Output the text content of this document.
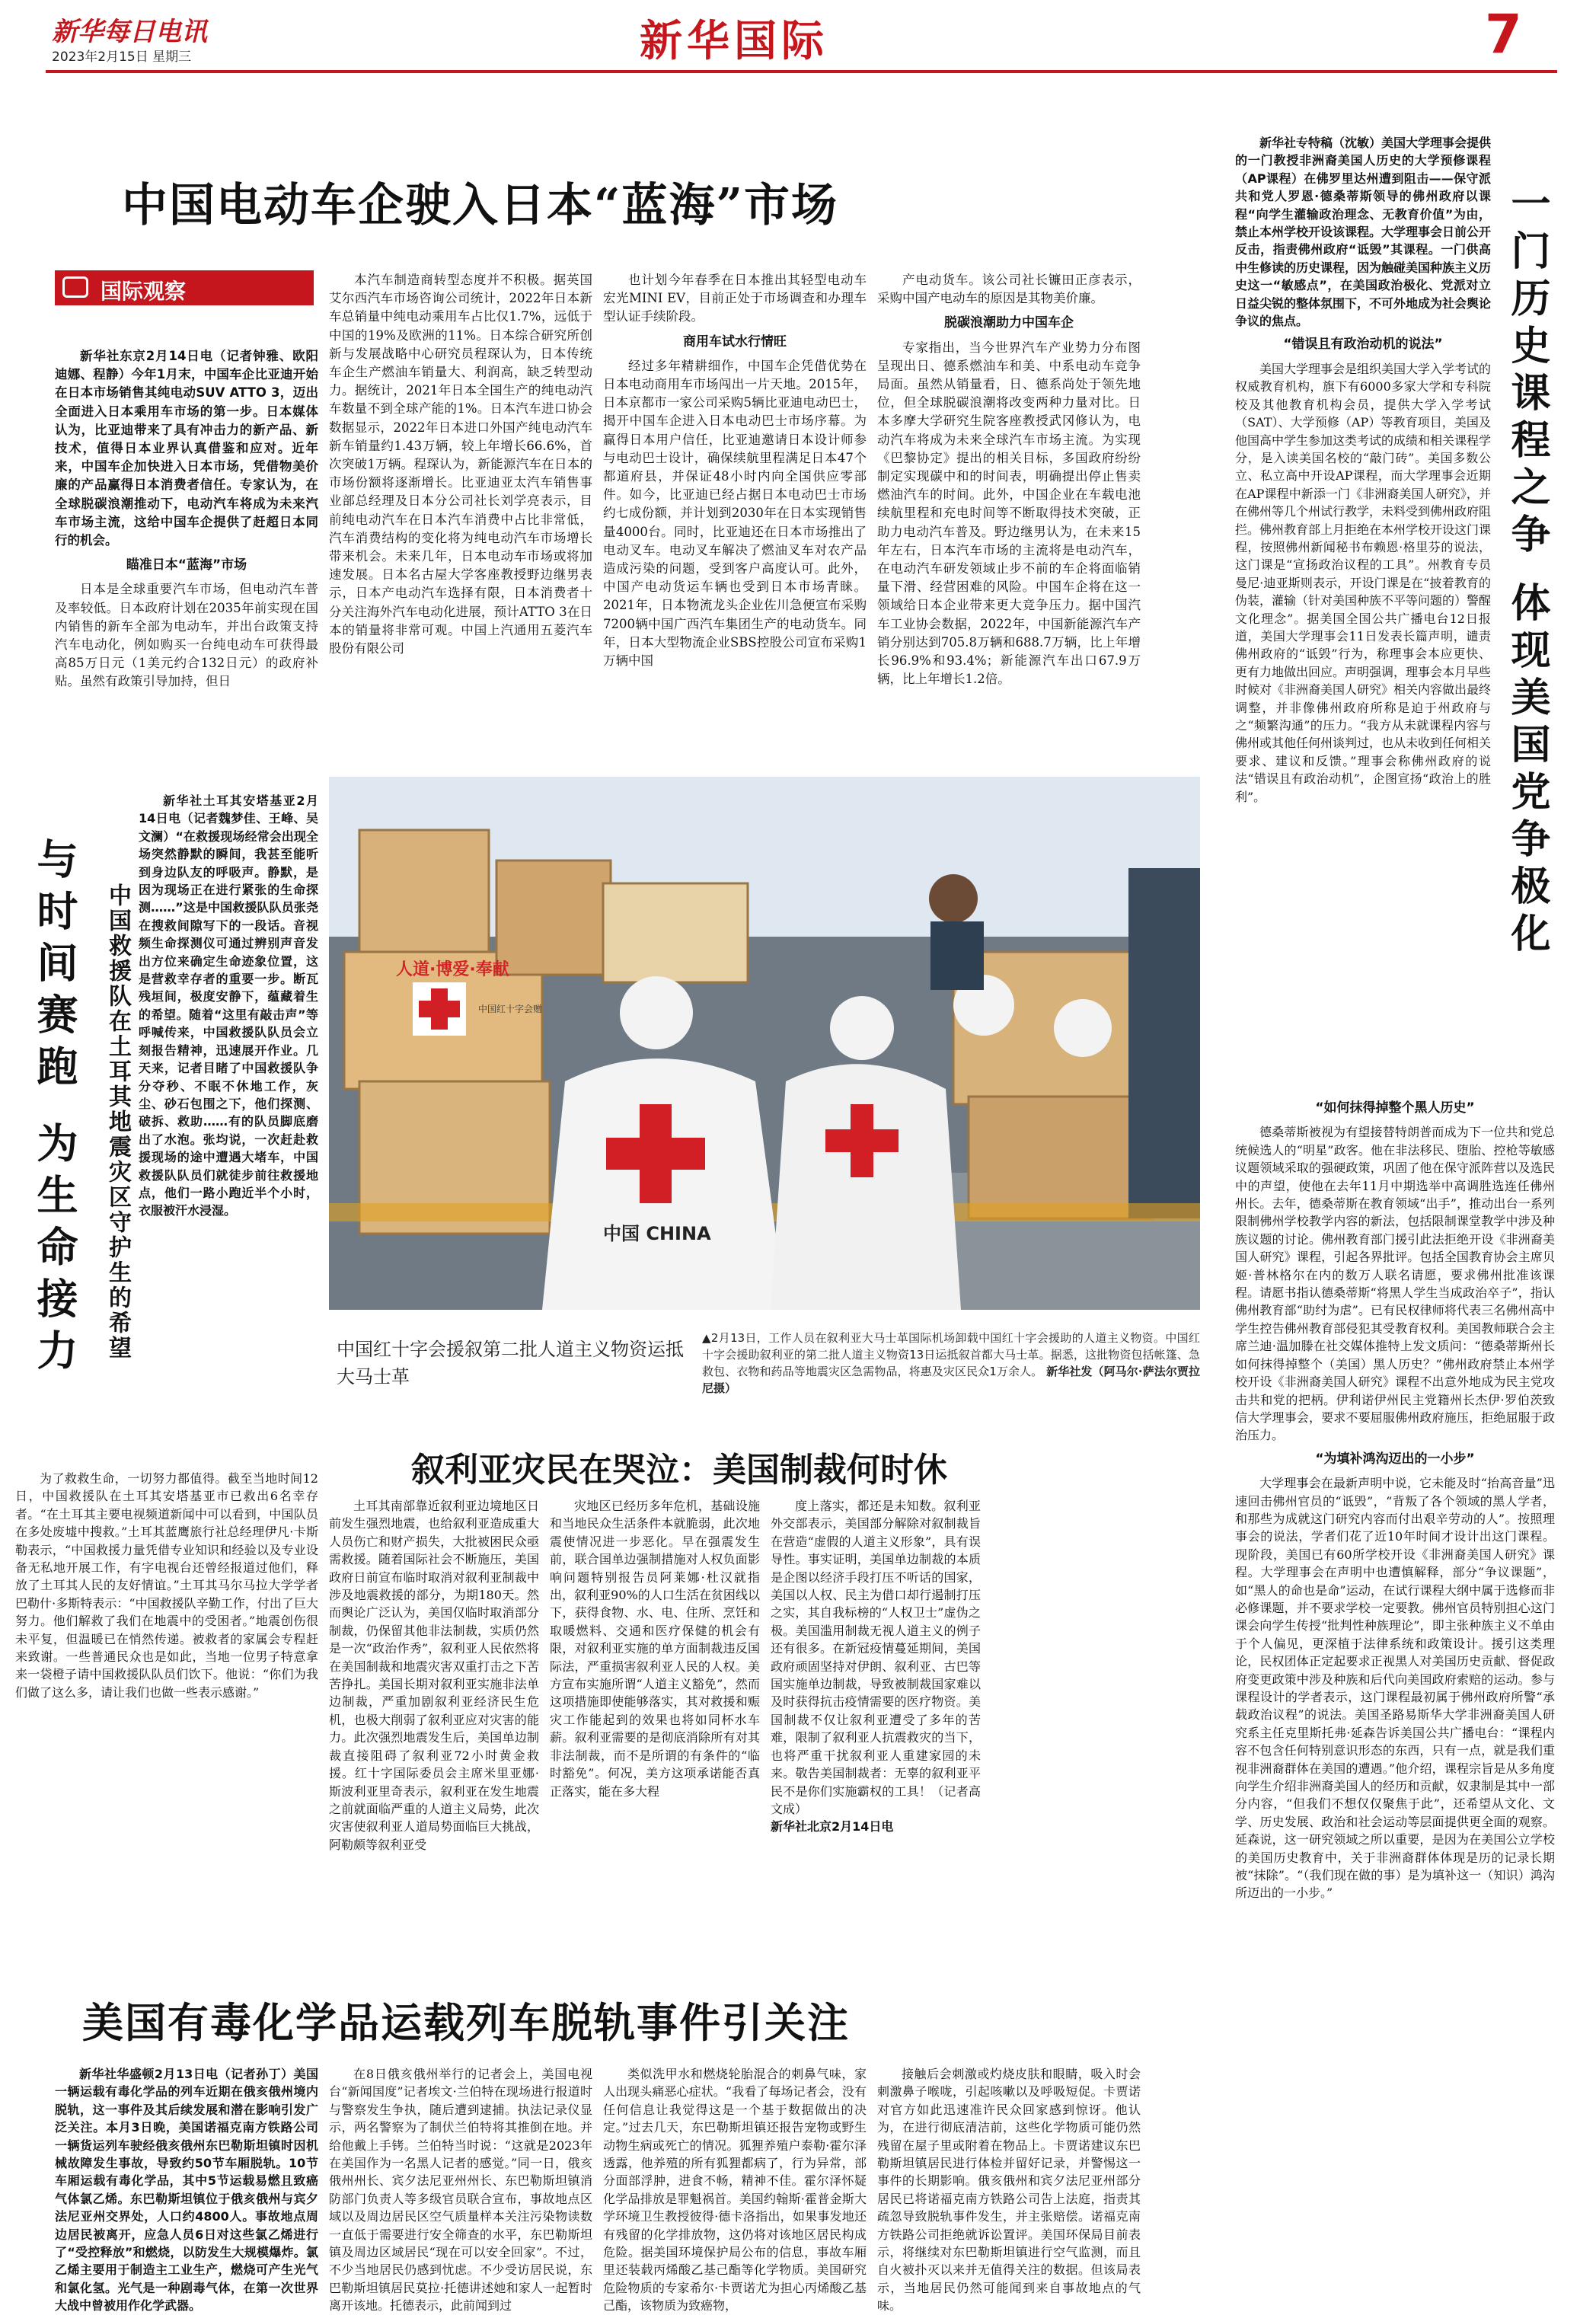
新华每日电讯
2023年2月15日 星期三	新华国际	7
中国电动车企驶入日本“蓝海”市场
国际观察

新华社东京2月14日电（记者钟雅、欧阳迪娜、程静）今年1月末，中国车企比亚迪开始在日本市场销售其纯电动SUV ATTO 3，迈出全面进入日本乘用车市场的第一步。日本媒体认为，比亚迪带来了具有冲击力的新产品、新技术，值得日本业界认真借鉴和应对。近年来，中国车企加快进入日本市场，凭借物美价廉的产品赢得日本消费者信任。专家认为，在全球脱碳浪潮推动下，电动汽车将成为未来汽车市场主流，这给中国车企提供了赶超日本同行的机会。

瞄准日本“蓝海”市场

日本是全球重要汽车市场，但电动汽车普及率较低。日本政府计划在2035年前实现在国内销售的新车全部为电动车，并出台政策支持汽车电动化，例如购买一台纯电动车可获得最高85万日元（1美元约合132日元）的政府补贴。虽然有政策引导加持，但日

本汽车制造商转型态度并不积极。据英国艾尔西汽车市场咨询公司统计，2022年日本新车总销量中纯电动乘用车占比仅1.7%，远低于中国的19%及欧洲的11%。日本综合研究所创新与发展战略中心研究员程琛认为，日本传统车企生产燃油车销量大、利润高，缺乏转型动力。据统计，2021年日本全国生产的纯电动汽车数量不到全球产能的1%。日本汽车进口协会数据显示，2022年日本进口外国产纯电动汽车新车销量约1.43万辆，较上年增长66.6%，首次突破1万辆。程琛认为，新能源汽车在日本的市场份额将逐渐增长。比亚迪亚太汽车销售事业部总经理及日本分公司社长刘学亮表示，目前纯电动汽车在日本汽车消费中占比非常低，汽车消费结构的变化将为纯电动汽车市场增长带来机会。未来几年，日本电动车市场或将加速发展。日本名古屋大学客座教授野边继男表示，日本产电动汽车选择有限，日本消费者十分关注海外汽车电动化进展，预计ATTO 3在日本的销量将非常可观。中国上汽通用五菱汽车股份有限公司

也计划今年春季在日本推出其轻型电动车宏光MINI EV，目前正处于市场调查和办理车型认证手续阶段。

商用车试水行情旺

经过多年精耕细作，中国车企凭借优势在日本电动商用车市场闯出一片天地。2015年，日本京都市一家公司采购5辆比亚迪电动巴士，揭开中国车企进入日本电动巴士市场序幕。为赢得日本用户信任，比亚迪邀请日本设计师参与电动巴士设计，确保续航里程满足日本47个都道府县，并保证48小时内向全国供应零部件。如今，比亚迪已经占据日本电动巴士市场约七成份额，并计划到2030年在日本实现销售量4000台。同时，比亚迪还在日本市场推出了电动叉车。电动叉车解决了燃油叉车对农产品造成污染的问题，受到客户高度认可。此外，中国产电动货运车辆也受到日本市场青睐。2021年，日本物流龙头企业佐川急便宣布采购7200辆中国广西汽车集团生产的电动货车。同年，日本大型物流企业SBS控股公司宣布采购1万辆中国

产电动货车。该公司社长镰田正彦表示，采购中国产电动车的原因是其物美价廉。

脱碳浪潮助力中国车企

专家指出，当今世界汽车产业势力分布图呈现出日、德系燃油车和美、中系电动车竞争局面。虽然从销量看，日、德系尚处于领先地位，但全球脱碳浪潮将改变两种力量对比。日本多摩大学研究生院客座教授武冈修认为，电动汽车将成为未来全球汽车市场主流。为实现《巴黎协定》提出的相关目标，多国政府纷纷制定实现碳中和的时间表，明确提出停止售卖燃油汽车的时间。此外，中国企业在车载电池续航里程和充电时间等不断取得技术突破，正助力电动汽车普及。野边继男认为，在未来15年左右，日本汽车市场的主流将是电动汽车，在电动汽车研发领域止步不前的车企将面临销量下滑、经营困难的风险。中国车企将在这一领域给日本企业带来更大竞争压力。据中国汽车工业协会数据，2022年，中国新能源汽车产销分别达到705.8万辆和688.7万辆，比上年增长96.9%和93.4%；新能源汽车出口67.9万辆，比上年增长1.2倍。

与时间赛跑 为生命接力 中国救援队在土耳其地震灾区守护生的希望

新华社土耳其安塔基亚2月14日电（记者魏梦佳、王峰、吴文澜）“在救援现场经常会出现全场突然静默的瞬间，我甚至能听到身边队友的呼吸声。静默，是因为现场正在进行紧张的生命探测……”这是中国救援队队员张尧在搜救间隙写下的一段话。音视频生命探测仪可通过辨别声音发出方位来确定生命迹象位置，这是营救幸存者的重要一步。断瓦残垣间，极度安静下，蕴藏着生的希望。随着“这里有敲击声”等呼喊传来，中国救援队队员会立刻报告精神，迅速展开作业。几天来，记者目睹了中国救援队争分夺秒、不眠不休地工作，灰尘、砂石包围之下，他们探测、破拆、救助……有的队员脚底磨出了水泡。张均说，一次赶赴救援现场的途中遭遇大堵车，中国救援队队员们就徒步前往救援地点，他们一路小跑近半个小时，衣服被汗水浸湿。

为了救救生命，一切努力都值得。截至当地时间12日，中国救援队在土耳其安塔基亚市已救出6名幸存者。“在土耳其主要电视频道新闻中可以看到，中国队员在多处废墟中搜救。”土耳其蓝鹰旅行社总经理伊凡·卡斯勒表示，“中国救援力量凭借专业知识和经验以及专业设备无私地开展工作，有字电视台还曾经报道过他们，释放了土耳其人民的友好情谊。”土耳其马尔马拉大学学者巴勒什·多斯特表示：“中国救援队辛勤工作，付出了巨大努力。他们解救了我们在地震中的受困者。”地震创伤很未平复，但温暖已在悄然传递。被救者的家属会专程赶来致谢。一些普通民众也是如此，当地一位男子特意拿来一袋橙子请中国救援队队员们饮下。他说：“你们为我们做了这么多，请让我们也做一些表示感谢。”

人道·博爱·奉献
中国红十字会赠
中国 CHINA
中国红十字会援叙第二批人道主义物资运抵大马士革
▲2月13日，工作人员在叙利亚大马士革国际机场卸载中国红十字会援助的人道主义物资。中国红十字会援助叙利亚的第二批人道主义物资13日运抵叙首都大马士革。据悉，这批物资包括帐篷、急救包、衣物和药品等地震灾区急需物品，将惠及灾区民众1万余人。 新华社发（阿马尔·萨法尔贾拉尼摄）
叙利亚灾民在哭泣：美国制裁何时休

土耳其南部靠近叙利亚边境地区日前发生强烈地震，也给叙利亚造成重大人员伤亡和财产损失，大批被困民众亟需救援。随着国际社会不断施压，美国政府日前宣布临时取消对叙利亚制裁中涉及地震救援的部分，为期180天。然而舆论广泛认为，美国仅临时取消部分制裁，仍保留其他非法制裁，实质仍然是一次“政治作秀”，叙利亚人民依然将在美国制裁和地震灾害双重打击之下苦苦挣扎。美国长期对叙利亚实施非法单边制裁，严重加剧叙利亚经济民生危机，也极大削弱了叙利亚应对灾害的能力。此次强烈地震发生后，美国单边制裁直接阻碍了叙利亚72小时黄金救援。红十字国际委员会主席米里亚娜·斯波利亚里奇表示，叙利亚在发生地震之前就面临严重的人道主义局势，此次灾害使叙利亚人道局势面临巨大挑战，阿勒颇等叙利亚受

灾地区已经历多年危机，基础设施和当地民众生活条件本就脆弱，此次地震使情况进一步恶化。早在强震发生前，联合国单边强制措施对人权负面影响问题特别报告员阿莱娜·杜汉就指出，叙利亚90%的人口生活在贫困线以下，获得食物、水、电、住所、烹饪和取暖燃料、交通和医疗保健的机会有限，对叙利亚实施的单方面制裁违反国际法，严重损害叙利亚人民的人权。美方宣布实施所谓“人道主义豁免”，然而这项措施即使能够落实，其对救援和赈灾工作能起到的效果也将如同杯水车薪。叙利亚需要的是彻底消除所有对其非法制裁，而不是所谓的有条件的“临时豁免”。何况，美方这项承诺能否真正落实，能在多大程

度上落实，都还是未知数。叙利亚外交部表示，美国部分解除对叙制裁旨在营造“虚假的人道主义形象”，具有误导性。事实证明，美国单边制裁的本质是企图以经济手段打压不听话的国家，美国以人权、民主为借口却行遏制打压之实，其自我标榜的“人权卫士”虚伪之极。美国滥用制裁无视人道主义的例子还有很多。在新冠疫情蔓延期间，美国政府顽固坚持对伊朗、叙利亚、古巴等国实施单边制裁，导致被制裁国家难以及时获得抗击疫情需要的医疗物资。美国制裁不仅让叙利亚遭受了多年的苦难，限制了叙利亚人抗震救灾的当下，也将严重干扰叙利亚人重建家园的未来。敬告美国制裁者：无辜的叙利亚平民不是你们实施霸权的工具！（记者高文成）

新华社北京2月14日电

美国有毒化学品运载列车脱轨事件引关注

新华社华盛顿2月13日电（记者孙丁）美国一辆运载有毒化学品的列车近期在俄亥俄州境内脱轨，这一事件及其后续发展和潜在影响引发广泛关注。本月3日晚，美国诺福克南方铁路公司一辆货运列车驶经俄亥俄州东巴勒斯坦镇时因机械故障发生事故，导致约50节车厢脱轨。10节车厢运载有毒化学品，其中5节运载易燃且致癌气体氯乙烯。东巴勒斯坦镇位于俄亥俄州与宾夕法尼亚州交界处，人口约4800人。事故地点周边居民被离开，应急人员6日对这些氯乙烯进行了“受控释放”和燃烧，以防发生大规模爆炸。氯乙烯主要用于制造主工业生产，燃烧可产生光气和氯化氢。光气是一种剧毒气体，在第一次世界大战中曾被用作化学武器。

在8日俄亥俄州举行的记者会上，美国电视台“新闻国度”记者埃文·兰伯特在现场进行报道时与警察发生争执，随后遭到逮捕。执法记录仪显示，两名警察为了制伏兰伯特将其推倒在地。并给他戴上手铐。兰伯特当时说：“这就是2023年在美国作为一名黑人记者的感觉。”同一日，俄亥俄州州长、宾夕法尼亚州州长、东巴勒斯坦镇消防部门负责人等多级官员联合宣布，事故地点区域以及周边居民区空气质量样本关注污染物读数一直低于需要进行安全筛查的水平，东巴勒斯坦镇及周边区域居民“现在可以安全回家”。不过，不少当地居民仍感到忧虑。不少受访居民说，东巴勒斯坦镇居民莫拉·托德讲述她和家人一起暂时离开该地。托德表示，此前闻到过

类似洗甲水和燃烧轮胎混合的刺鼻气味，家人出现头痛恶心症状。“我看了每场记者会，没有任何信息让我觉得这是一个基于数据做出的决定。”过去几天，东巴勒斯坦镇还报告宠物或野生动物生病或死亡的情况。狐狸养殖户泰勒·霍尔泽透露，他养殖的所有狐狸都病了，行为异常，部分面部浮肿，进食不畅，精神不佳。霍尔泽怀疑化学品排放是罪魁祸首。美国约翰斯·霍普金斯大学环境卫生教授彼得·德卡洛指出，如果事发地还有残留的化学排放物，这仍将对该地区居民构成危险。据美国环境保护局公布的信息，事故车厢里还装载丙烯酸乙基己酯等化学物质。美国研究危险物质的专家希尔·卡贾诺尤为担心丙烯酸乙基己酯，该物质为致癌物，

接触后会刺激或灼烧皮肤和眼睛，吸入时会刺激鼻子喉咙，引起咳嗽以及呼吸短促。卡贾诺对官方如此迅速准许民众回家感到惊讶。他认为，在进行彻底清洁前，这些化学物质可能仍然残留在屋子里或附着在物品上。卡贾诺建议东巴勒斯坦镇居民进行体检并留好记录，并警惕这一事件的长期影响。俄亥俄州和宾夕法尼亚州部分居民已将诺福克南方铁路公司告上法庭，指责其疏忽导致脱轨事件发生，并主张赔偿。诺福克南方铁路公司拒绝就诉讼置评。美国环保局目前表示，将继续对东巴勒斯坦镇进行空气监测，而且自火被扑灭以来并无值得关注的数据。但该局表示，当地居民仍然可能闻到来自事故地点的气味。

一门历史课程之争 体现美国党争极化

新华社专特稿（沈敏）美国大学理事会提供的一门教授非洲裔美国人历史的大学预修课程（AP课程）在佛罗里达州遭到阻击——保守派共和党人罗恩·德桑蒂斯领导的佛州政府以课程“向学生灌输政治理念、无教育价值”为由，禁止本州学校开设该课程。大学理事会日前公开反击，指责佛州政府“诋毁”其课程。一门供高中生修读的历史课程，因为触碰美国种族主义历史这一“敏感点”，在美国政治极化、党派对立日益尖锐的整体氛围下，不可外地成为社会舆论争议的焦点。

“错误且有政治动机的说法”

美国大学理事会是组织美国大学入学考试的权威教育机构，旗下有6000多家大学和专科院校及其他教育机构会员，提供大学入学考试（SAT）、大学预修（AP）等教育项目，美国及他国高中学生参加这类考试的成绩和相关课程学分，是入读美国名校的“敲门砖”。美国多数公立、私立高中开设AP课程，而大学理事会近期在AP课程中新添一门《非洲裔美国人研究》，并在佛州等几个州试行教学，未料受到佛州政府阻拦。佛州教育部上月拒绝在本州学校开设这门课程，按照佛州新闻秘书布赖恩·格里芬的说法，这门课是“宣扬政治议程的工具”。州教育专员曼尼·迪亚斯则表示，开设门课是在“披着教育的伪装，灌输（针对美国种族不平等问题的）警醒文化理念”。据美国全国公共广播电台12日报道，美国大学理事会11日发表长篇声明，谴责佛州政府的“诋毁”行为，称理事会本应更快、更有力地做出回应。声明强调，理事会本月早些时候对《非洲裔美国人研究》相关内容做出最终调整，并非像佛州政府所称是迫于州政府与之“频繁沟通”的压力。“我方从未就课程内容与佛州或其他任何州谈判过，也从未收到任何相关要求、建议和反馈。”理事会称佛州政府的说法“错误且有政治动机”，企图宣扬“政治上的胜利”。

“如何抹得掉整个黑人历史”

德桑蒂斯被视为有望接替特朗普而成为下一位共和党总统候选人的“明星”政客。他在非法移民、堕胎、控枪等敏感议题领域采取的强硬政策，巩固了他在保守派阵营以及选民中的声望，使他在去年11月中期选举中高调胜选连任佛州州长。去年，德桑蒂斯在教育领域“出手”，推动出台一系列限制佛州学校教学内容的新法，包括限制课堂教学中涉及种族议题的讨论。佛州教育部门援引此法拒绝开设《非洲裔美国人研究》课程，引起各界批评。包括全国教育协会主席贝姬·普林格尔在内的数万人联名请愿，要求佛州批准该课程。请愿书指认德桑蒂斯“将黑人学生当成政治卒子”，指认佛州教育部“助纣为虐”。已有民权律师将代表三名佛州高中学生控告佛州教育部侵犯其受教育权利。美国教师联合会主席兰迪·温加滕在社交媒体推特上发文质问：“德桑蒂斯州长如何抹得掉整个（美国）黑人历史？”佛州政府禁止本州学校开设《非洲裔美国人研究》课程不出意外地成为民主党攻击共和党的把柄。伊利诺伊州民主党籍州长杰伊·罗伯茨致信大学理事会，要求不要屈服佛州政府施压，拒绝屈服于政治压力。

“为填补鸿沟迈出的一小步”

大学理事会在最新声明中说，它未能及时“抬高音量”迅速回击佛州官员的“诋毁”，“背叛了各个领域的黑人学者，和那些为成就这门研究内容而付出艰辛劳动的人”。按照理事会的说法，学者们花了近10年时间才设计出这门课程。现阶段，美国已有60所学校开设《非洲裔美国人研究》课程。大学理事会在声明中也遭慎解释，部分“争议课题”，如“黑人的命也是命”运动，在试行课程大纲中属于选修而非必修课题，并不要求学校一定要教。佛州官员特别担心这门课会向学生传授“批判性种族理论”，即主张种族主义不单由于个人偏见，更深植于法律系统和政策设计。援引这类理论，民权团体正定起要求正视黑人对美国历史贡献、督促政府变更政策中涉及种族和后代向美国政府索赔的运动。参与课程设计的学者表示，这门课程最初属于佛州政府所警“承载政治议程”的说法。美国圣路易斯华大学非洲裔美国人研究系主任克里斯托弗·延森告诉美国公共广播电台：“课程内容不包含任何特别意识形态的东西，只有一点，就是我们重视非洲裔群体在美国的遭遇。”他介绍，课程宗旨是从多角度向学生介绍非洲裔美国人的经历和贡献，奴隶制是其中一部分内容，“但我们不想仅仅聚焦于此”，还希望从文化、文学、历史发展、政治和社会运动等层面提供更全面的观察。延森说，这一研究领域之所以重要，是因为在美国公立学校的美国历史教育中，关于非洲裔群体体现是历的记录长期被“抹除”。“（我们现在做的事）是为填补这一（知识）鸿沟所迈出的一小步。”
